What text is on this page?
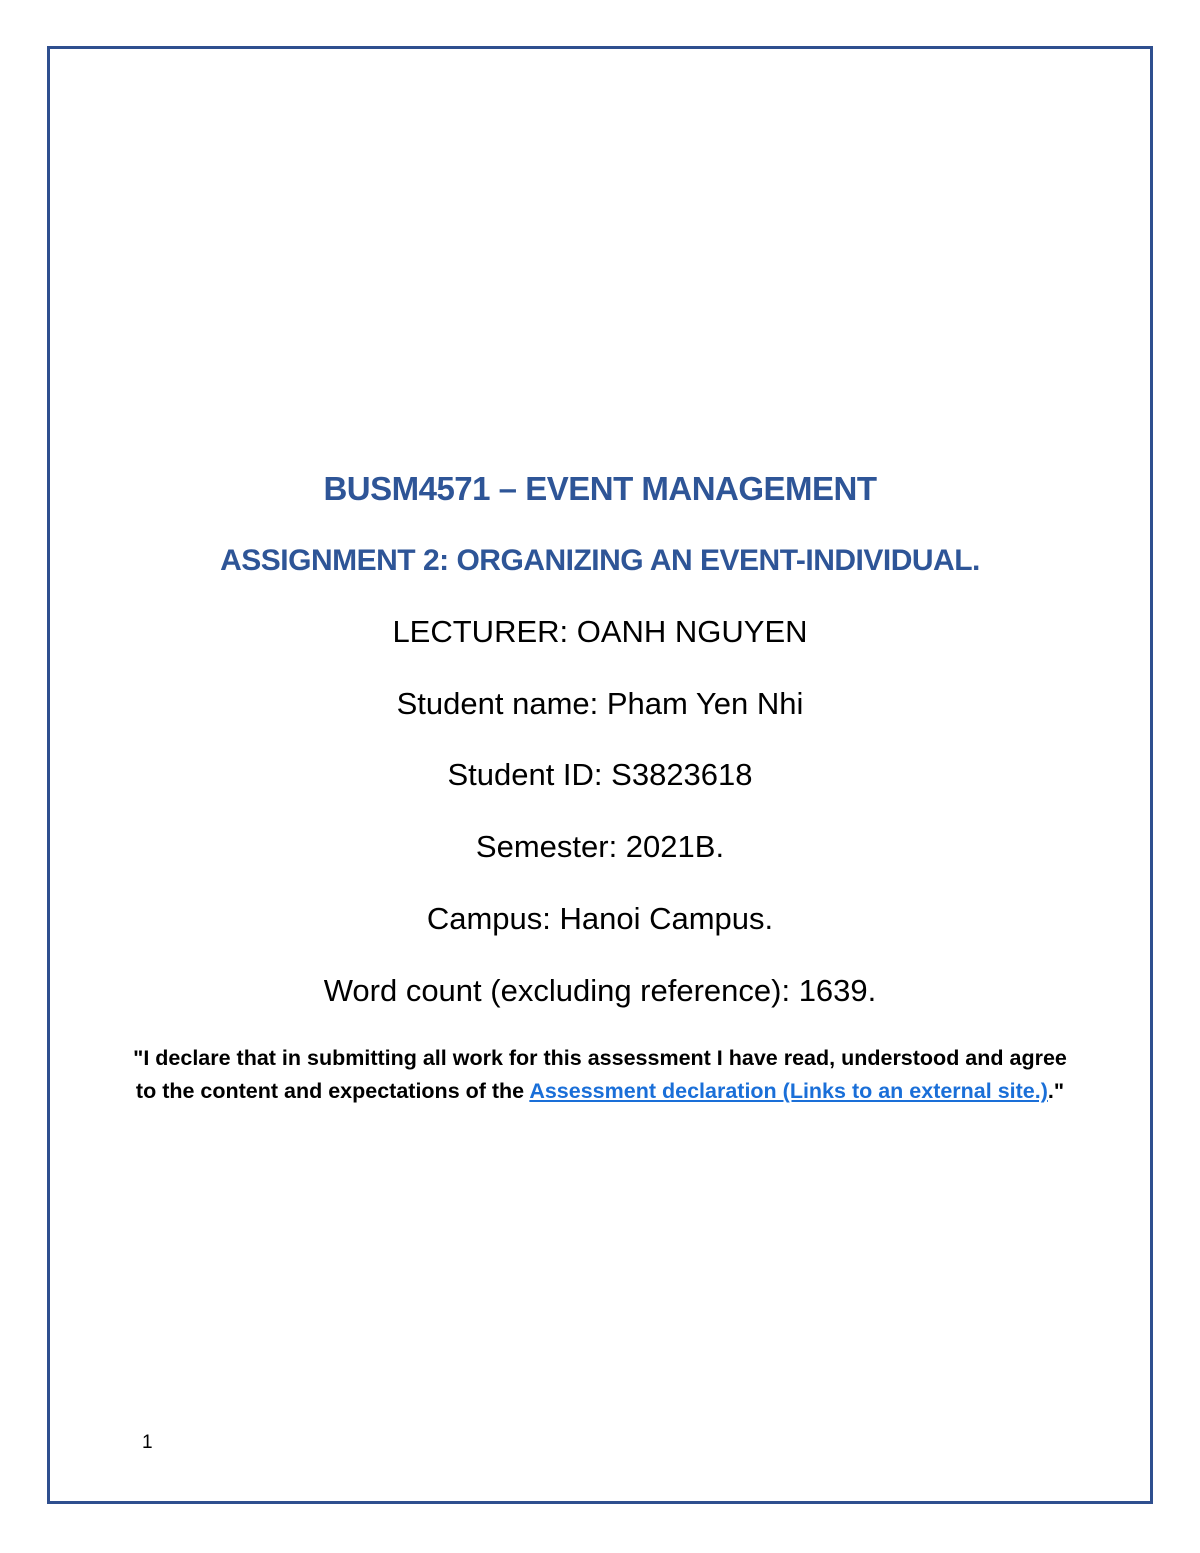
BUSM4571 – EVENT MANAGEMENT
ASSIGNMENT 2: ORGANIZING AN EVENT-INDIVIDUAL.
LECTURER: OANH NGUYEN
Student name: Pham Yen Nhi
Student ID: S3823618
Semester: 2021B.
Campus: Hanoi Campus.
Word count (excluding reference): 1639.
"I declare that in submitting all work for this assessment I have read, understood and agree to the content and expectations of the Assessment declaration (Links to an external site.)."
1
